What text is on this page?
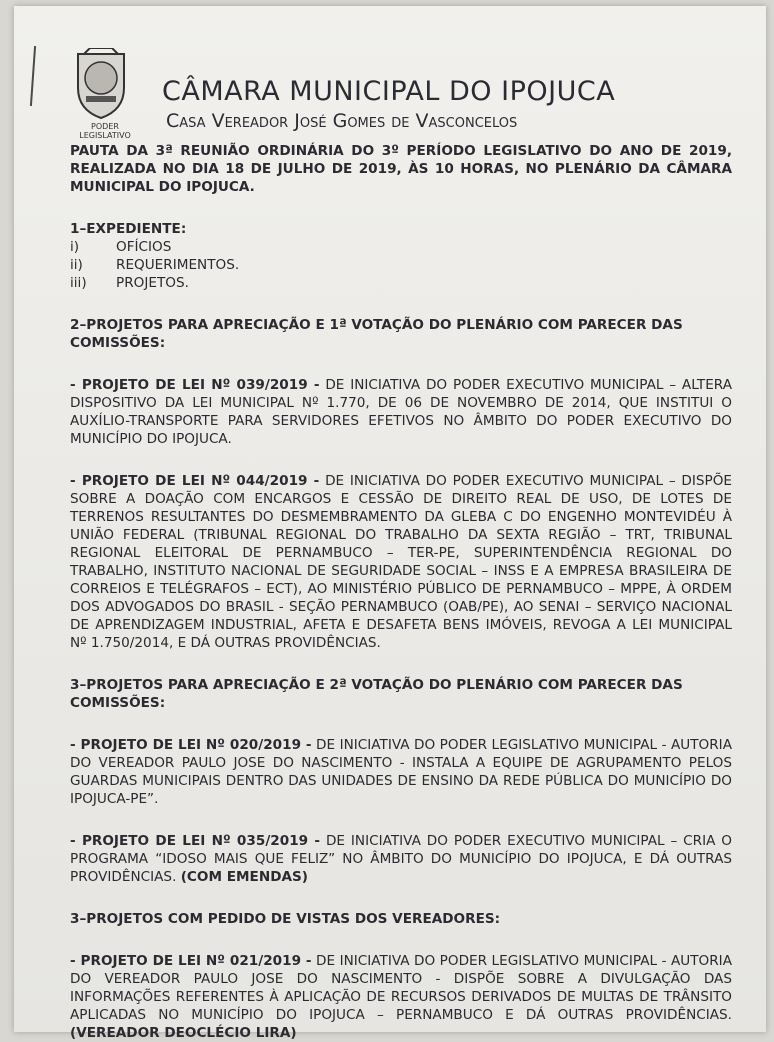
PODER LEGISLATIVO
CÂMARA MUNICIPAL DO IPOJUCA
Casa Vereador José Gomes de Vasconcelos

PAUTA DA 3ª REUNIÃO ORDINÁRIA DO 3º PERÍODO LEGISLATIVO DO ANO DE 2019, REALIZADA NO DIA 18 DE JULHO DE 2019, ÀS 10 HORAS, NO PLENÁRIO DA CÂMARA MUNICIPAL DO IPOJUCA.

1–EXPEDIENTE:

i)	OFÍCIOS
ii)	REQUERIMENTOS.
iii)	PROJETOS.

2–PROJETOS PARA APRECIAÇÃO E 1ª VOTAÇÃO DO PLENÁRIO COM PARECER DAS COMISSÕES:

- PROJETO DE LEI Nº 039/2019 - DE INICIATIVA DO PODER EXECUTIVO MUNICIPAL – ALTERA DISPOSITIVO DA LEI MUNICIPAL Nº 1.770, DE 06 DE NOVEMBRO DE 2014, QUE INSTITUI O AUXÍLIO-TRANSPORTE PARA SERVIDORES EFETIVOS NO ÂMBITO DO PODER EXECUTIVO DO MUNICÍPIO DO IPOJUCA.

- PROJETO DE LEI Nº 044/2019 - DE INICIATIVA DO PODER EXECUTIVO MUNICIPAL – DISPÕE SOBRE A DOAÇÃO COM ENCARGOS E CESSÃO DE DIREITO REAL DE USO, DE LOTES DE TERRENOS RESULTANTES DO DESMEMBRAMENTO DA GLEBA C DO ENGENHO MONTEVIDÉU À UNIÃO FEDERAL (TRIBUNAL REGIONAL DO TRABALHO DA SEXTA REGIÃO – TRT, TRIBUNAL REGIONAL ELEITORAL DE PERNAMBUCO – TER-PE, SUPERINTENDÊNCIA REGIONAL DO TRABALHO, INSTITUTO NACIONAL DE SEGURIDADE SOCIAL – INSS E A EMPRESA BRASILEIRA DE CORREIOS E TELÉGRAFOS – ECT), AO MINISTÉRIO PÚBLICO DE PERNAMBUCO – MPPE, À ORDEM DOS ADVOGADOS DO BRASIL - SEÇÃO PERNAMBUCO (OAB/PE), AO SENAI – SERVIÇO NACIONAL DE APRENDIZAGEM INDUSTRIAL, AFETA E DESAFETA BENS IMÓVEIS, REVOGA A LEI MUNICIPAL Nº 1.750/2014, E DÁ OUTRAS PROVIDÊNCIAS.

3–PROJETOS PARA APRECIAÇÃO E 2ª VOTAÇÃO DO PLENÁRIO COM PARECER DAS COMISSÕES:

- PROJETO DE LEI Nº 020/2019 - DE INICIATIVA DO PODER LEGISLATIVO MUNICIPAL - AUTORIA DO VEREADOR PAULO JOSE DO NASCIMENTO - INSTALA A EQUIPE DE AGRUPAMENTO PELOS GUARDAS MUNICIPAIS DENTRO DAS UNIDADES DE ENSINO DA REDE PÚBLICA DO MUNICÍPIO DO IPOJUCA-PE”.

- PROJETO DE LEI Nº 035/2019 - DE INICIATIVA DO PODER EXECUTIVO MUNICIPAL – CRIA O PROGRAMA “IDOSO MAIS QUE FELIZ” NO ÂMBITO DO MUNICÍPIO DO IPOJUCA, E DÁ OUTRAS PROVIDÊNCIAS. (COM EMENDAS)

3–PROJETOS COM PEDIDO DE VISTAS DOS VEREADORES:

- PROJETO DE LEI Nº 021/2019 - DE INICIATIVA DO PODER LEGISLATIVO MUNICIPAL - AUTORIA DO VEREADOR PAULO JOSE DO NASCIMENTO - DISPÕE SOBRE A DIVULGAÇÃO DAS INFORMAÇÕES REFERENTES À APLICAÇÃO DE RECURSOS DERIVADOS DE MULTAS DE TRÂNSITO APLICADAS NO MUNICÍPIO DO IPOJUCA – PERNAMBUCO E DÁ OUTRAS PROVIDÊNCIAS. (VEREADOR DEOCLÉCIO LIRA)
